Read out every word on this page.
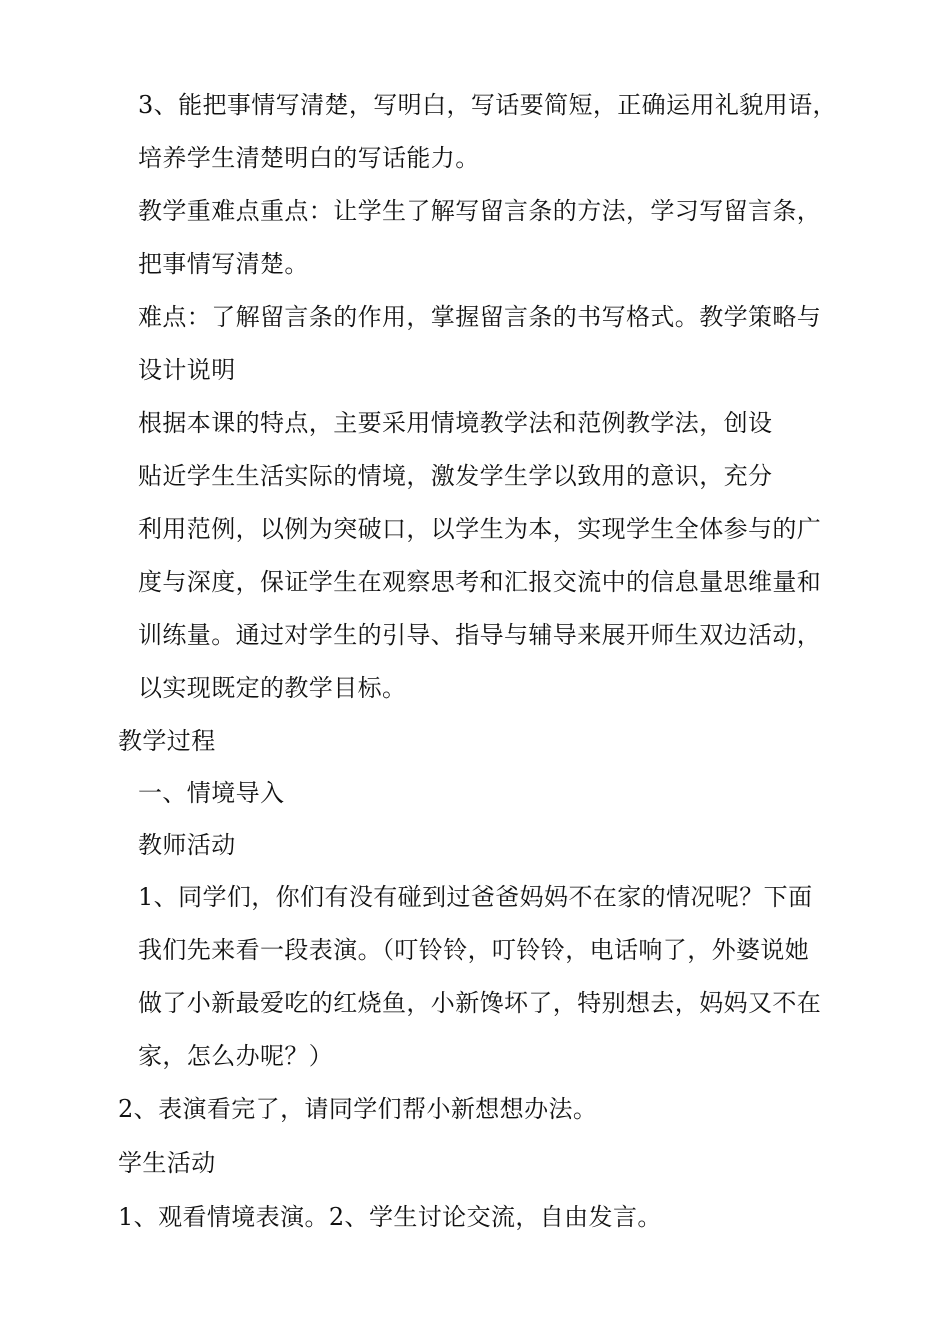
3、能把事情写清楚，写明白，写话要简短，正确运用礼貌用语，
培养学生清楚明白的写话能力。
教学重难点重点：让学生了解写留言条的方法，学习写留言条，
把事情写清楚。
难点：了解留言条的作用，掌握留言条的书写格式。教学策略与
设计说明
根据本课的特点，主要采用情境教学法和范例教学法，创设
贴近学生生活实际的情境，激发学生学以致用的意识，充分
利用范例，以例为突破口，以学生为本，实现学生全体参与的广
度与深度，保证学生在观察思考和汇报交流中的信息量思维量和
训练量。通过对学生的引导、指导与辅导来展开师生双边活动，
以实现既定的教学目标。
教学过程
一、情境导入
教师活动
1、同学们，你们有没有碰到过爸爸妈妈不在家的情况呢？下面
我们先来看一段表演。（叮铃铃，叮铃铃，电话响了，外婆说她
做了小新最爱吃的红烧鱼，小新馋坏了，特别想去，妈妈又不在
家，怎么办呢？）
2、表演看完了，请同学们帮小新想想办法。
学生活动
1、观看情境表演。2、学生讨论交流，自由发言。
